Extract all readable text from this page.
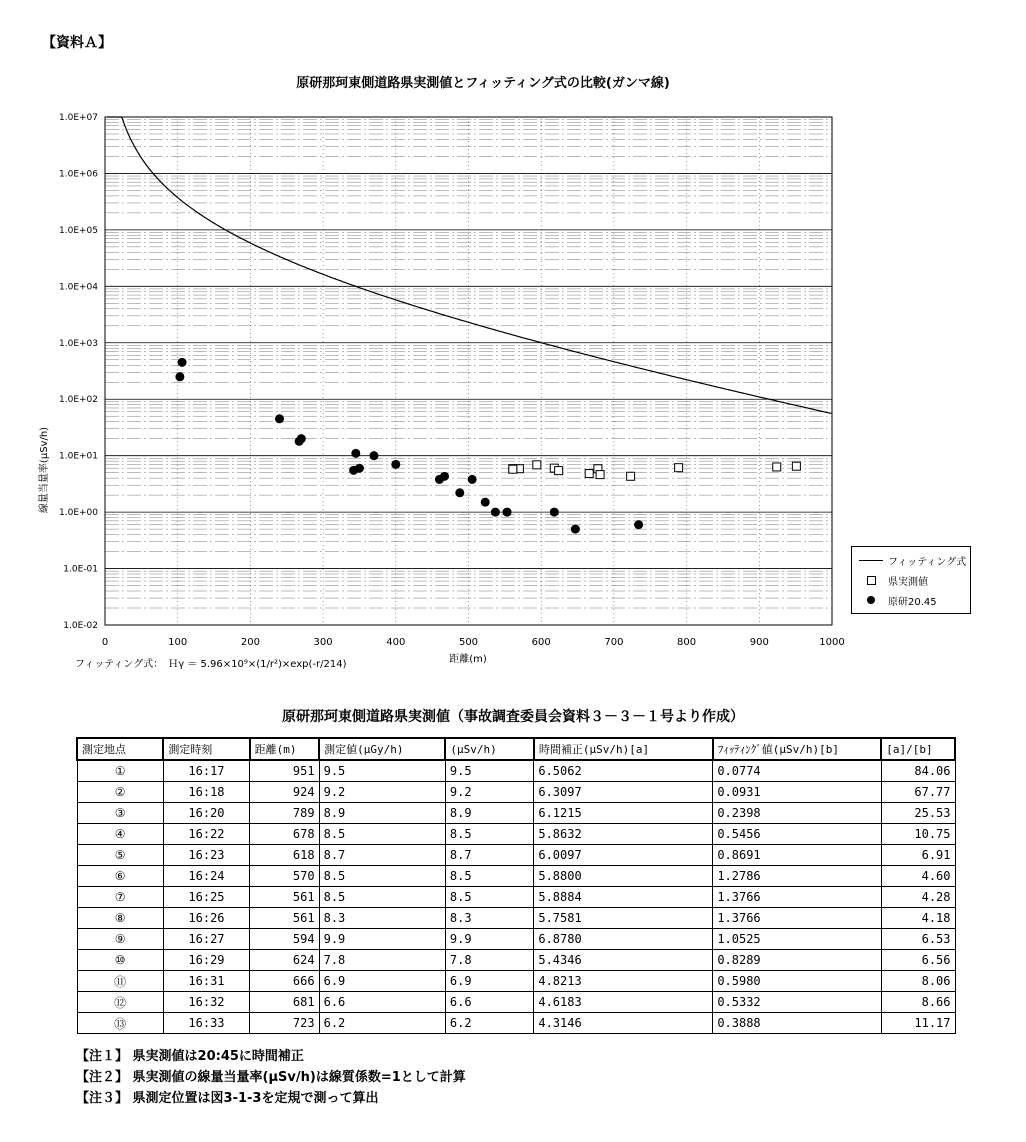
【資料Ａ】
原研那珂東側道路県実測値とフィッティング式の比較(ガンマ線)
1.0E-02
1.0E-01
1.0E+00
1.0E+01
1.0E+02
1.0E+03
1.0E+04
1.0E+05
1.0E+06
1.0E+07
0	100	200	300	400	500	600	700	800	900	1000
線量当量率(μSv/h)
距離(m)
フィッティング式：　Ｈγ ＝ 5.96×10⁹×(1/r²)×exp(-r/214)
フィッティング式
県実測値
原研20.45
原研那珂東側道路県実測値（事故調査委員会資料３－３－１号より作成）
測定地点	測定時刻	距離(m)	測定値(μGy/h)	(μSv/h)	時間補正(μSv/h)[a]	ﾌｨｯﾃｨﾝｸﾞ値(μSv/h)[b]	[a]/[b]
①	16:17	951	9.5	9.5	6.5062	0.0774	84.06
②	16:18	924	9.2	9.2	6.3097	0.0931	67.77
③	16:20	789	8.9	8.9	6.1215	0.2398	25.53
④	16:22	678	8.5	8.5	5.8632	0.5456	10.75
⑤	16:23	618	8.7	8.7	6.0097	0.8691	6.91
⑥	16:24	570	8.5	8.5	5.8800	1.2786	4.60
⑦	16:25	561	8.5	8.5	5.8884	1.3766	4.28
⑧	16:26	561	8.3	8.3	5.7581	1.3766	4.18
⑨	16:27	594	9.9	9.9	6.8780	1.0525	6.53
⑩	16:29	624	7.8	7.8	5.4346	0.8289	6.56
⑪	16:31	666	6.9	6.9	4.8213	0.5980	8.06
⑫	16:32	681	6.6	6.6	4.6183	0.5332	8.66
⑬	16:33	723	6.2	6.2	4.3146	0.3888	11.17
【注１】 県実測値は20:45に時間補正
【注２】 県実測値の線量当量率(μSv/h)は線質係数=1として計算
【注３】 県測定位置は図3-1-3を定規で測って算出
